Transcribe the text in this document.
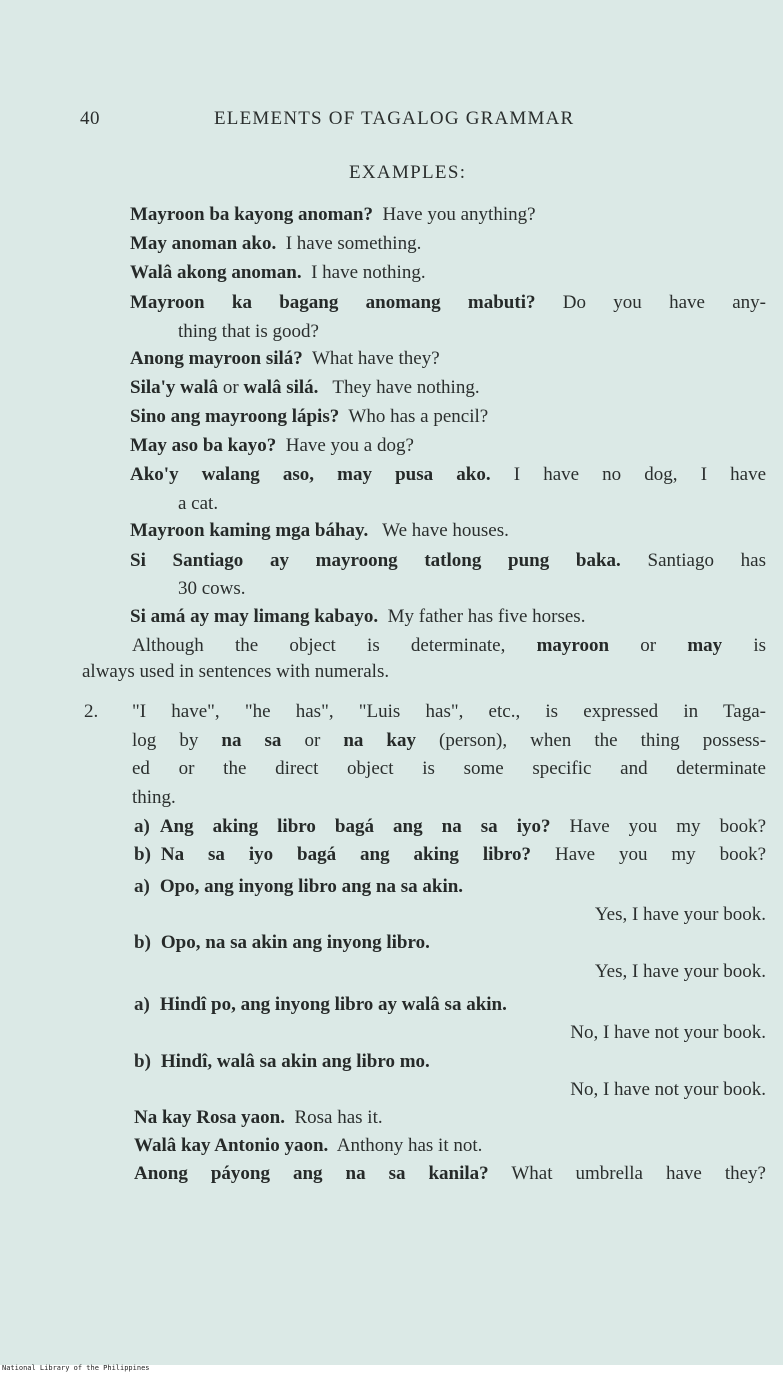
40	ELEMENTS OF TAGALOG GRAMMAR
EXAMPLES:
Mayroon ba kayong anoman? Have you anything?
May anoman ako. I have something.
Walâ akong anoman. I have nothing.
Mayroon ka bagang anomang mabuti? Do you have any-
thing that is good?
Anong mayroon silá? What have they?
Sila'y walâ or walâ silá. They have nothing.
Sino ang mayroong lápis? Who has a pencil?
May aso ba kayo? Have you a dog?
Ako'y walang aso, may pusa ako. I have no dog, I have
a cat.
Mayroon kaming mga báhay. We have houses.
Si Santiago ay mayroong tatlong pung baka. Santiago has
30 cows.
Si amá ay may limang kabayo. My father has five horses.
Although the object is determinate, mayroon or may is
always used in sentences with numerals.
2. "I have", "he has", "Luis has", etc., is expressed in Taga-
log by na sa or na kay (person), when the thing possess-
ed or the direct object is some specific and determinate
thing.
a) Ang aking libro bagá ang na sa iyo? Have you my book?
b) Na sa iyo bagá ang aking libro? Have you my book?
a) Opo, ang inyong libro ang na sa akin.
Yes, I have your book.
b) Opo, na sa akin ang inyong libro.
Yes, I have your book.
a) Hindî po, ang inyong libro ay walâ sa akin.
No, I have not your book.
b) Hindî, walâ sa akin ang libro mo.
No, I have not your book.
Na kay Rosa yaon. Rosa has it.
Walâ kay Antonio yaon. Anthony has it not.
Anong páyong ang na sa kanila? What umbrella have they?
National Library of the Philippines
